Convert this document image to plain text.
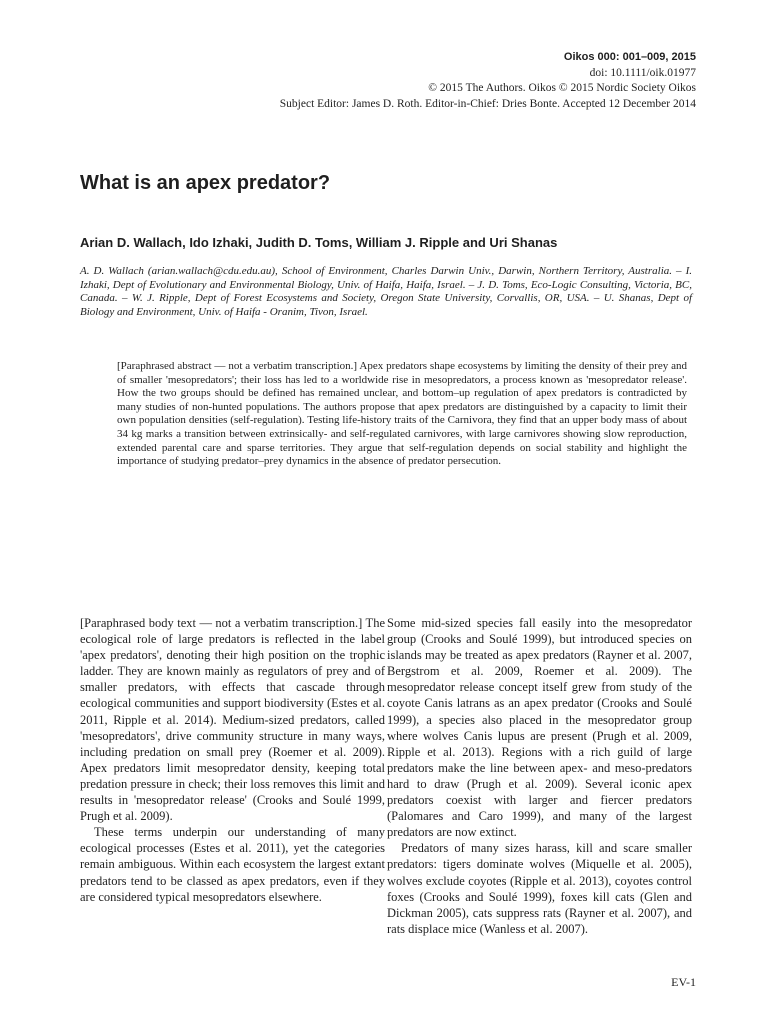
Oikos 000: 001–009, 2015
doi: 10.1111/oik.01977
© 2015 The Authors. Oikos © 2015 Nordic Society Oikos
Subject Editor: James D. Roth. Editor-in-Chief: Dries Bonte. Accepted 12 December 2014
What is an apex predator?

Arian D. Wallach, Ido Izhaki, Judith D. Toms, William J. Ripple and Uri Shanas

A. D. Wallach (arian.wallach@cdu.edu.au), School of Environment, Charles Darwin Univ., Darwin, Northern Territory, Australia. – I. Izhaki, Dept of Evolutionary and Environmental Biology, Univ. of Haifa, Haifa, Israel. – J. D. Toms, Eco-Logic Consulting, Victoria, BC, Canada. – W. J. Ripple, Dept of Forest Ecosystems and Society, Oregon State University, Corvallis, OR, USA. – U. Shanas, Dept of Biology and Environment, Univ. of Haifa - Oranim, Tivon, Israel.

[Paraphrased abstract — not a verbatim transcription.] Apex predators shape ecosystems by limiting the density of their prey and of smaller 'mesopredators'; their loss has led to a worldwide rise in mesopredators, a process known as 'mesopredator release'. How the two groups should be defined has remained unclear, and bottom–up regulation of apex predators is contradicted by many studies of non-hunted populations. The authors propose that apex predators are distinguished by a capacity to limit their own population densities (self-regulation). Testing life-history traits of the Carnivora, they find that an upper body mass of about 34 kg marks a transition between extrinsically- and self-regulated carnivores, with large carnivores showing slow reproduction, extended parental care and sparse territories. They argue that self-regulation depends on social stability and highlight the importance of studying predator–prey dynamics in the absence of predator persecution.

[Paraphrased body text — not a verbatim transcription.] The ecological role of large predators is reflected in the label 'apex predators', denoting their high position on the trophic ladder. They are known mainly as regulators of prey and of smaller predators, with effects that cascade through ecological communities and support biodiversity (Estes et al. 2011, Ripple et al. 2014). Medium-sized predators, called 'mesopredators', drive community structure in many ways, including predation on small prey (Roemer et al. 2009). Apex predators limit mesopredator density, keeping total predation pressure in check; their loss removes this limit and results in 'mesopredator release' (Crooks and Soulé 1999, Prugh et al. 2009).

These terms underpin our understanding of many ecological processes (Estes et al. 2011), yet the categories remain ambiguous. Within each ecosystem the largest extant predators tend to be classed as apex predators, even if they are considered typical mesopredators elsewhere.

Some mid-sized species fall easily into the mesopredator group (Crooks and Soulé 1999), but introduced species on islands may be treated as apex predators (Rayner et al. 2007, Bergstrom et al. 2009, Roemer et al. 2009). The mesopredator release concept itself grew from study of the coyote Canis latrans as an apex predator (Crooks and Soulé 1999), a species also placed in the mesopredator group where wolves Canis lupus are present (Prugh et al. 2009, Ripple et al. 2013). Regions with a rich guild of large predators make the line between apex- and meso-predators hard to draw (Prugh et al. 2009). Several iconic apex predators coexist with larger and fiercer predators (Palomares and Caro 1999), and many of the largest predators are now extinct.

Predators of many sizes harass, kill and scare smaller predators: tigers dominate wolves (Miquelle et al. 2005), wolves exclude coyotes (Ripple et al. 2013), coyotes control foxes (Crooks and Soulé 1999), foxes kill cats (Glen and Dickman 2005), cats suppress rats (Rayner et al. 2007), and rats displace mice (Wanless et al. 2007).

EV-1
